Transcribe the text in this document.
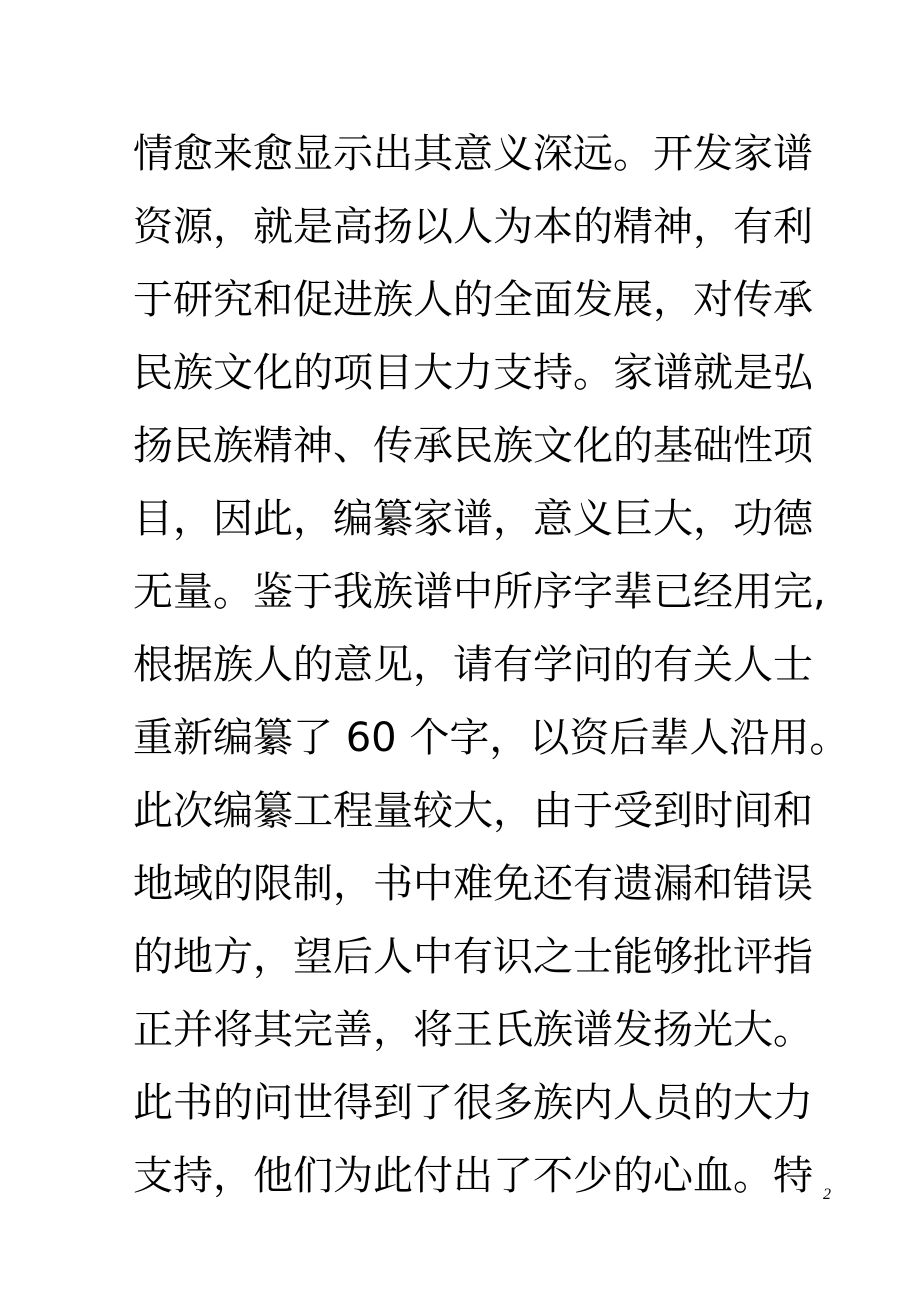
情愈来愈显示出其意义深远。开发家谱
资源，就是高扬以人为本的精神，有利
于研究和促进族人的全面发展，对传承
民族文化的项目大力支持。家谱就是弘
扬民族精神、传承民族文化的基础性项
目，因此，编纂家谱，意义巨大，功德
无量。鉴于我族谱中所序字辈已经用完,
根据族人的意见，请有学问的有关人士
重新编纂了 60 个字，以资后辈人沿用。
此次编纂工程量较大，由于受到时间和
地域的限制，书中难免还有遗漏和错误
的地方，望后人中有识之士能够批评指
正并将其完善，将王氏族谱发扬光大。
此书的问世得到了很多族内人员的大力
支持，他们为此付出了不少的心血。特 2
